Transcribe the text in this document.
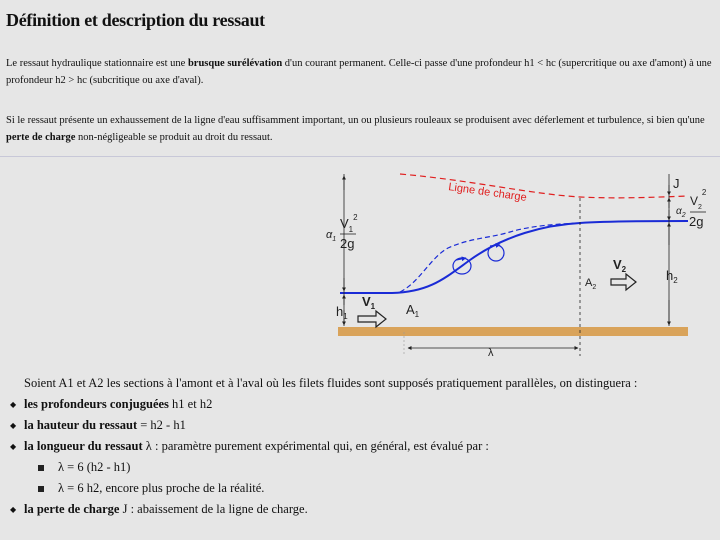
Définition et description du ressaut
Le ressaut hydraulique stationnaire est une brusque surélévation d'un courant permanent. Celle-ci passe d'une profondeur h1 < hc (supercritique ou axe d'amont) à une profondeur h2 > hc (subcritique ou axe d'aval).
Si le ressaut présente un exhaussement de la ligne d'eau suffisamment important, un ou plusieurs rouleaux se produisent avec déferlement et turbulence, si bien qu'une perte de charge non-négligeable se produit au droit du ressaut.
Ligne de charge
$\alpha_1$
$V_1^2$
2g
$h_1$
$V_1$ $A_1$
$A_2$
$V_2$
J
$\alpha_2$
$V_2^2$
2g
$h_2$
λ

Soient A1 et A2 les sections à l'amont et à l'aval où les filets fluides sont supposés pratiquement parallèles, on distinguera :

◆ les profondeurs conjuguées h1 et h2
◆ la hauteur du ressaut = h2 - h1
◆ la longueur du ressaut λ : paramètre purement expérimental qui, en général, est évalué par :
λ = 6 (h2 - h1)
λ = 6 h2, encore plus proche de la réalité.
◆ la perte de charge J : abaissement de la ligne de charge.
